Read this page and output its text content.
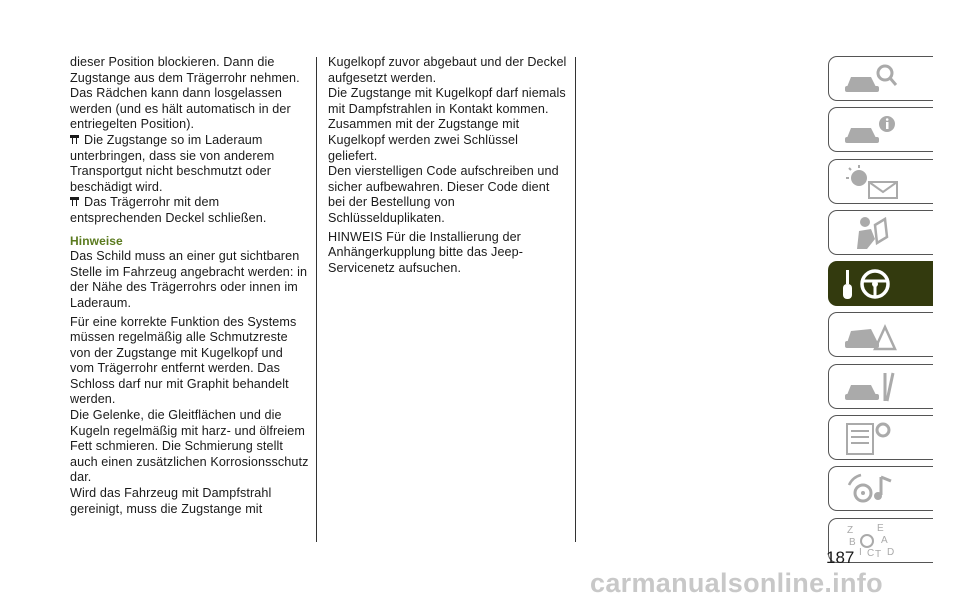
dieser Position blockieren. Dann die Zugstange aus dem Trägerrohr nehmen. Das Rädchen kann dann losgelassen werden (und es hält automatisch in der entriegelten Position).

Die Zugstange so im Laderaum unterbringen, dass sie von anderem Transportgut nicht beschmutzt oder beschädigt wird.

Das Trägerrohr mit dem entsprechenden Deckel schließen.

Hinweise

Das Schild muss an einer gut sichtbaren Stelle im Fahrzeug angebracht werden: in der Nähe des Trägerrohrs oder innen im Laderaum.

Für eine korrekte Funktion des Systems müssen regelmäßig alle Schmutzreste von der Zugstange mit Kugelkopf und vom Trägerrohr entfernt werden. Das Schloss darf nur mit Graphit behandelt werden.

Die Gelenke, die Gleitflächen und die Kugeln regelmäßig mit harz- und ölfreiem Fett schmieren. Die Schmierung stellt auch einen zusätzlichen Korrosionsschutz dar.

Wird das Fahrzeug mit Dampfstrahl gereinigt, muss die Zugstange mit

Kugelkopf zuvor abgebaut und der Deckel aufgesetzt werden.

Die Zugstange mit Kugelkopf darf niemals mit Dampfstrahlen in Kontakt kommen.

Zusammen mit der Zugstange mit Kugelkopf werden zwei Schlüssel geliefert.

Den vierstelligen Code aufschreiben und sicher aufbewahren. Dieser Code dient bei der Bestellung von Schlüsselduplikaten.

HINWEIS Für die Installierung der Anhängerkupplung bitte das Jeep-Servicenetz aufsuchen.

Z E
B	A
I C T D
187
carmanualsonline.info
